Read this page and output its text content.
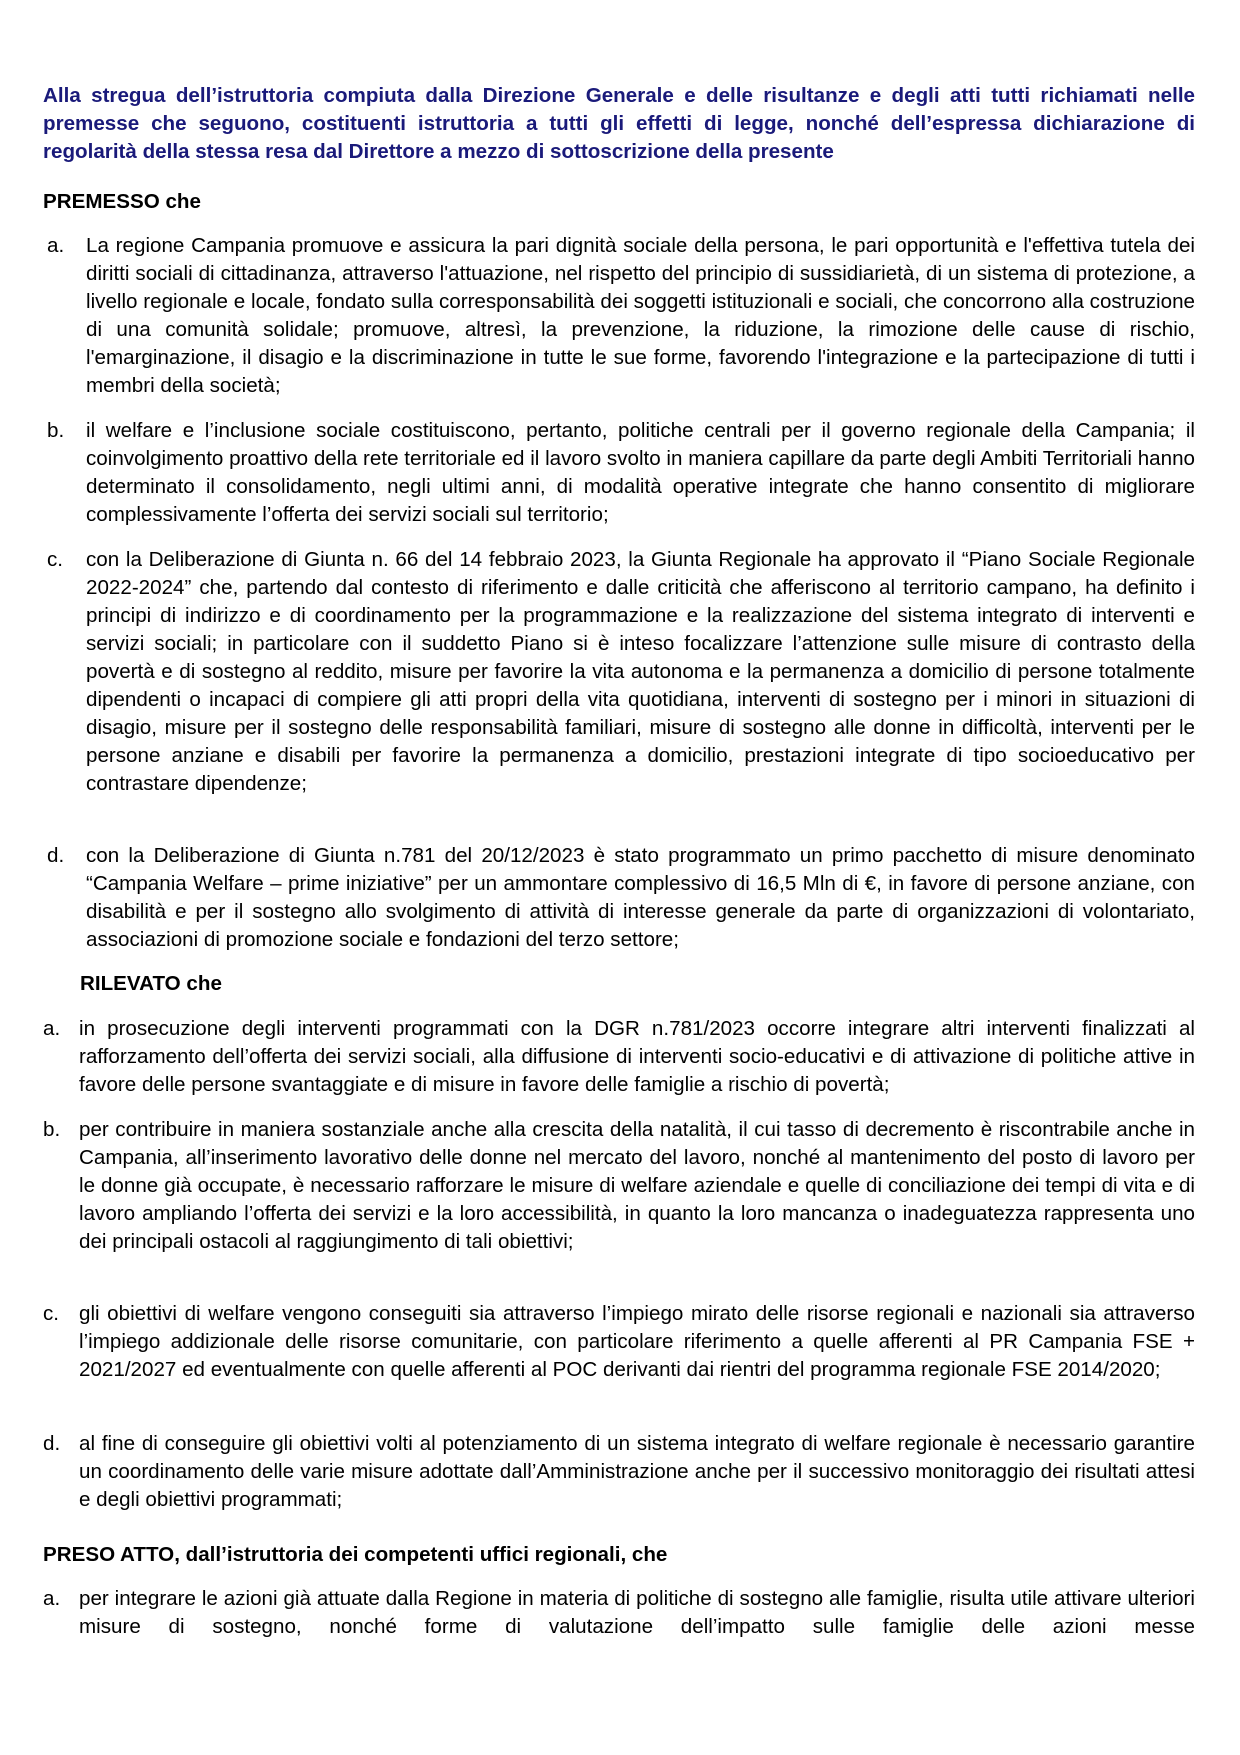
Alla stregua dell’istruttoria compiuta dalla Direzione Generale e delle risultanze e degli atti tutti richiamati nelle premesse che seguono, costituenti istruttoria a tutti gli effetti di legge, nonché dell’espressa dichiarazione di regolarità della stessa resa dal Direttore a mezzo di sottoscrizione della presente

PREMESSO che

a. La regione Campania promuove e assicura la pari dignità sociale della persona, le pari opportunità e l'effettiva tutela dei diritti sociali di cittadinanza, attraverso l'attuazione, nel rispetto del principio di sussidiarietà, di un sistema di protezione, a livello regionale e locale, fondato sulla corresponsabilità dei soggetti istituzionali e sociali, che concorrono alla costruzione di una comunità solidale; promuove, altresì, la prevenzione, la riduzione, la rimozione delle cause di rischio, l'emarginazione, il disagio e la discriminazione in tutte le sue forme, favorendo l'integrazione e la partecipazione di tutti i membri della società;

b. il welfare e l’inclusione sociale costituiscono, pertanto, politiche centrali per il governo regionale della Campania; il coinvolgimento proattivo della rete territoriale ed il lavoro svolto in maniera capillare da parte degli Ambiti Territoriali hanno determinato il consolidamento, negli ultimi anni, di modalità operative integrate che hanno consentito di migliorare complessivamente l’offerta dei servizi sociali sul territorio;

c. con la Deliberazione di Giunta n. 66 del 14 febbraio 2023, la Giunta Regionale ha approvato il “Piano Sociale Regionale 2022-2024” che, partendo dal contesto di riferimento e dalle criticità che afferiscono al territorio campano, ha definito i principi di indirizzo e di coordinamento per la programmazione e la realizzazione del sistema integrato di interventi e servizi sociali; in particolare con il suddetto Piano si è inteso focalizzare l’attenzione sulle misure di contrasto della povertà e di sostegno al reddito, misure per favorire la vita autonoma e la permanenza a domicilio di persone totalmente dipendenti o incapaci di compiere gli atti propri della vita quotidiana, interventi di sostegno per i minori in situazioni di disagio, misure per il sostegno delle responsabilità familiari, misure di sostegno alle donne in difficoltà, interventi per le persone anziane e disabili per favorire la permanenza a domicilio, prestazioni integrate di tipo socioeducativo per contrastare dipendenze;

d. con la Deliberazione di Giunta n.781 del 20/12/2023 è stato programmato un primo pacchetto di misure denominato “Campania Welfare – prime iniziative” per un ammontare complessivo di 16,5 Mln di €, in favore di persone anziane, con disabilità e per il sostegno allo svolgimento di attività di interesse generale da parte di organizzazioni di volontariato, associazioni di promozione sociale e fondazioni del terzo settore;

RILEVATO che

a. in prosecuzione degli interventi programmati con la DGR n.781/2023 occorre integrare altri interventi finalizzati al rafforzamento dell’offerta dei servizi sociali, alla diffusione di interventi socio-educativi e di attivazione di politiche attive in favore delle persone svantaggiate e di misure in favore delle famiglie a rischio di povertà;

b. per contribuire in maniera sostanziale anche alla crescita della natalità, il cui tasso di decremento è riscontrabile anche in Campania, all’inserimento lavorativo delle donne nel mercato del lavoro, nonché al mantenimento del posto di lavoro per le donne già occupate, è necessario rafforzare le misure di welfare aziendale e quelle di conciliazione dei tempi di vita e di lavoro ampliando l’offerta dei servizi e la loro accessibilità, in quanto la loro mancanza o inadeguatezza rappresenta uno dei principali ostacoli al raggiungimento di tali obiettivi;

c. gli obiettivi di welfare vengono conseguiti sia attraverso l’impiego mirato delle risorse regionali e nazionali sia attraverso l’impiego addizionale delle risorse comunitarie, con particolare riferimento a quelle afferenti al PR Campania FSE + 2021/2027 ed eventualmente con quelle afferenti al POC derivanti dai rientri del programma regionale FSE 2014/2020;

d. al fine di conseguire gli obiettivi volti al potenziamento di un sistema integrato di welfare regionale è necessario garantire un coordinamento delle varie misure adottate dall’Amministrazione anche per il successivo monitoraggio dei risultati attesi e degli obiettivi programmati;

PRESO ATTO, dall’istruttoria dei competenti uffici regionali, che

a. per integrare le azioni già attuate dalla Regione in materia di politiche di sostegno alle famiglie, risulta utile attivare ulteriori misure di sostegno, nonché forme di valutazione dell’impatto sulle famiglie delle azioni messe
